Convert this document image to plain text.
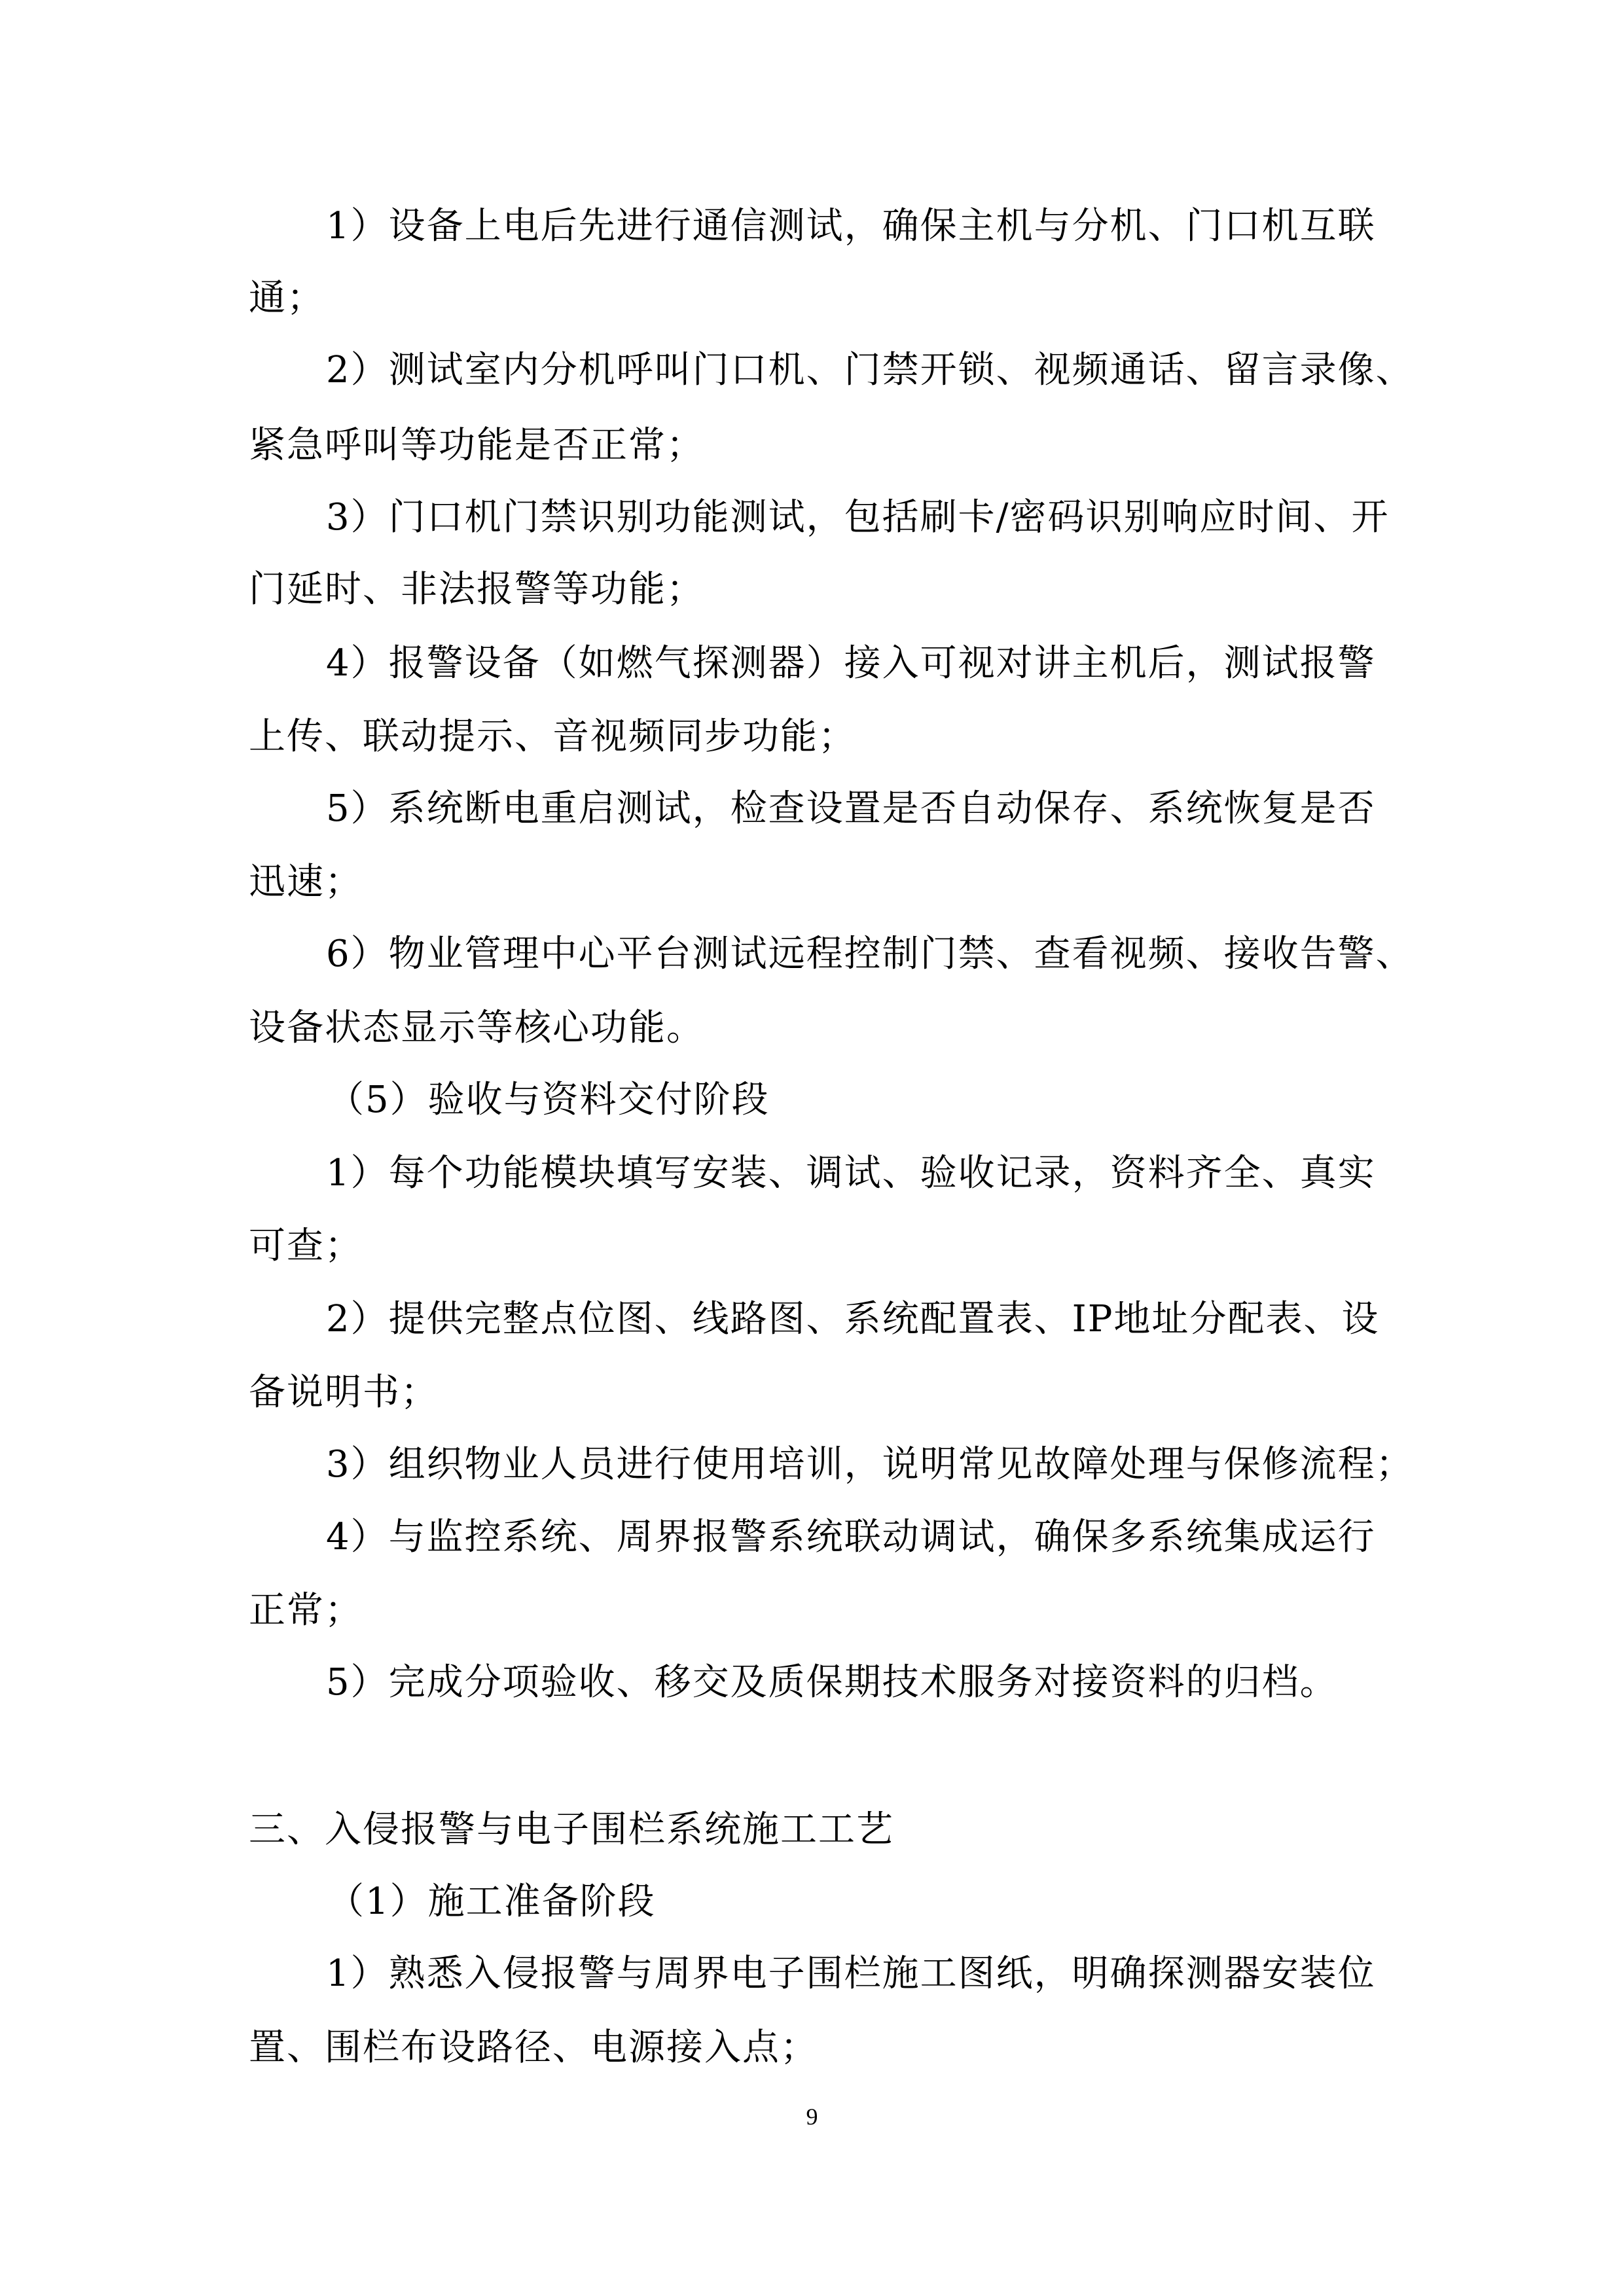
1）设备上电后先进行通信测试，确保主机与分机、门口机互联
通；
2）测试室内分机呼叫门口机、门禁开锁、视频通话、留言录像、
紧急呼叫等功能是否正常；
3）门口机门禁识别功能测试，包括刷卡/密码识别响应时间、开
门延时、非法报警等功能；
4）报警设备（如燃气探测器）接入可视对讲主机后，测试报警
上传、联动提示、音视频同步功能；
5）系统断电重启测试，检查设置是否自动保存、系统恢复是否
迅速；
6）物业管理中心平台测试远程控制门禁、查看视频、接收告警、
设备状态显示等核心功能。
（5）验收与资料交付阶段
1）每个功能模块填写安装、调试、验收记录，资料齐全、真实
可查；
2）提供完整点位图、线路图、系统配置表、IP地址分配表、设
备说明书；
3）组织物业人员进行使用培训，说明常见故障处理与保修流程；
4）与监控系统、周界报警系统联动调试，确保多系统集成运行
正常；
5）完成分项验收、移交及质保期技术服务对接资料的归档。
三、入侵报警与电子围栏系统施工工艺
（1）施工准备阶段
1）熟悉入侵报警与周界电子围栏施工图纸，明确探测器安装位
置、围栏布设路径、电源接入点；
9
